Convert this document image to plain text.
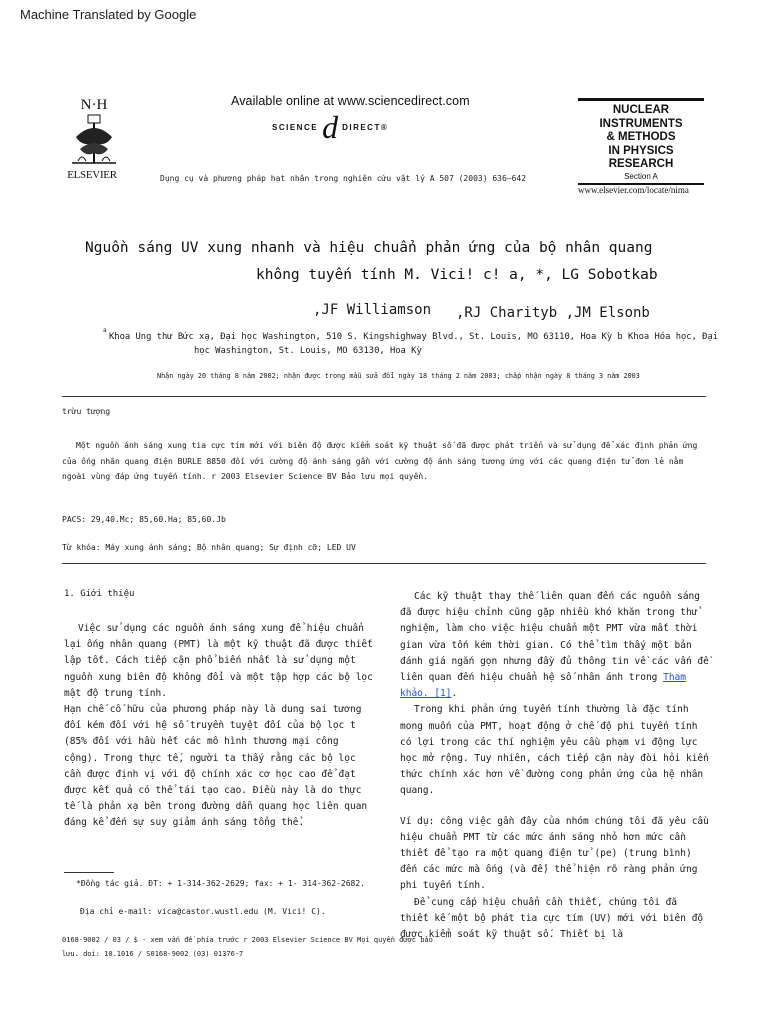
Machine Translated by Google
N·H
ELSEVIER
Available online at www.sciencedirect.com
SCIENCE d DIRECT®
Dụng cụ và phương pháp hạt nhân trong nghiên cứu vật lý A 507 (2003) 636–642
NUCLEAR
INSTRUMENTS
& METHODS
IN PHYSICS
RESEARCH
Section A
www.elsevier.com/locate/nima
Nguồn sáng UV xung nhanh và hiệu chuẩn phản ứng của bộ nhân quang
không tuyến tính M. Vici! c! a, *, LG Sobotkab
,JF Williamson ,RJ Charityb ,JM Elsonb
a
Khoa Ung thư Bức xạ, Đại học Washington, 510 S. Kingshighway Blvd., St. Louis, MO 63110, Hoa Kỳ b Khoa Hóa học, Đại
học Washington, St. Louis, MO 63130, Hoa Kỳ
Nhận ngày 20 tháng 8 năm 2002; nhận được trong mẫu sửa đổi ngày 18 tháng 2 năm 2003; chấp nhận ngày 8 tháng 3 năm 2003
trừu tượng
Một nguồn ánh sáng xung tia cực tím mới với biên độ được kiểm soát kỹ thuật số đã được phát triển và sử dụng để xác định phản ứng của ống nhân quang điện BURLE 8850 đối với cường độ ánh sáng gần với cường độ ánh sáng tương ứng với các quang điện tử đơn lẻ nằm ngoài vùng đáp ứng tuyến tính. r 2003 Elsevier Science BV Bảo lưu mọi quyền.
PACS: 29,40.Mc; 85,60.Ha; 85,60.Jb
Từ khóa: Máy xung ánh sáng; Bộ nhân quang; Sự định cỡ; LED UV
1. Giới thiệu

Việc sử dụng các nguồn ánh sáng xung để hiệu chuẩn lại ống nhân quang (PMT) là một kỹ thuật đã được thiết lập tốt. Cách tiếp cận phổ biến nhất là sử dụng một nguồn xung biên độ không đổi và một tập hợp các bộ lọc mật độ trung tính.

Hạn chế cố hữu của phương pháp này là dung sai tương đối kém đối với hệ số truyền tuyệt đối của bộ lọc t (85% đối với hầu hết các mô hình thương mại công cộng). Trong thực tế, người ta thấy rằng các bộ lọc cần được định vị với độ chính xác cơ học cao để đạt được kết quả có thể tái tạo cao. Điều này là do thực tế là phản xạ bên trong đường dẫn quang học liên quan đáng kể đến sự suy giảm ánh sáng tổng thể.

Các kỹ thuật thay thế liên quan đến các nguồn sáng đã được hiệu chỉnh cũng gặp nhiều khó khăn trong thử nghiệm, làm cho việc hiệu chuẩn một PMT vừa mất thời gian vừa tốn kém thời gian. Có thể tìm thấy một bản đánh giá ngắn gọn nhưng đầy đủ thông tin về các vấn đề liên quan đến hiệu chuẩn hệ số nhân ánh trong Tham khảo. [1].

Trong khi phản ứng tuyến tính thường là đặc tính mong muốn của PMT, hoạt động ở chế độ phi tuyến tính có lợi trong các thí nghiệm yêu cầu phạm vi động lực học mở rộng. Tuy nhiên, cách tiếp cận này đòi hỏi kiến thức chính xác hơn về đường cong phản ứng của hệ nhân quang.

Ví dụ: công việc gần đây của nhóm chúng tôi đã yêu cầu hiệu chuẩn PMT từ các mức ánh sáng nhỏ hơn mức cần thiết để tạo ra một quang điện tử (pe) (trung bình) đến các mức mà ống (và đế) thể hiện rõ ràng phản ứng phi tuyến tính.

Để cung cấp hiệu chuẩn cần thiết, chúng tôi đã thiết kế một bộ phát tia cực tím (UV) mới với biên độ được kiểm soát kỹ thuật số. Thiết bị là

*Đồng tác giả. ĐT: + 1-314-362-2629; fax: + 1- 314-362-2682.
Địa chỉ e-mail: vica@castor.wustl.edu (M. Vici! C).
0168-9002 / 03 / $ - xem vấn đề phía trước r 2003 Elsevier Science BV Mọi quyền được bảo
lưu. doi: 10.1016 / S0168-9002 (03) 01376-7
